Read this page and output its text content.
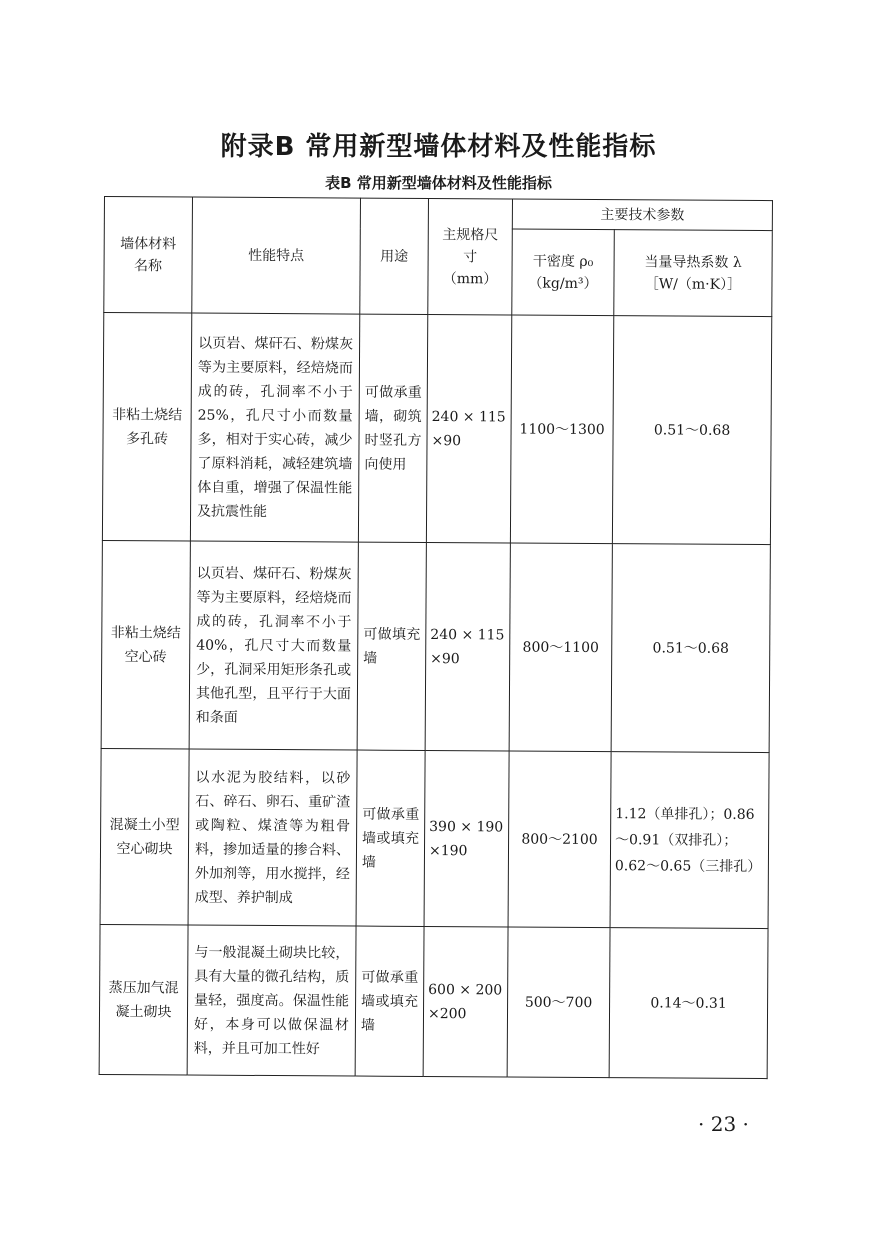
附录B 常用新型墙体材料及性能指标
表B 常用新型墙体材料及性能指标
墙体材料名称	性能特点	用途	主规格尺寸（mm）	主要技术参数	
				干密度 ρ₀（kg/m³）	当量导热系数 λ［W/（m·K）］
非粘土烧结多孔砖	以页岩、煤矸石、粉煤灰等为主要原料，经焙烧而成的砖，孔洞率不小于25%，孔尺寸小而数量多，相对于实心砖，减少了原料消耗，减轻建筑墙体自重，增强了保温性能及抗震性能	可做承重墙，砌筑时竖孔方向使用	240 × 115 ×90	1100～1300	0.51～0.68
非粘土烧结空心砖	以页岩、煤矸石、粉煤灰等为主要原料，经焙烧而成的砖，孔洞率不小于40%，孔尺寸大而数量少，孔洞采用矩形条孔或其他孔型，且平行于大面和条面	可做填充墙	240 × 115 ×90	800～1100	0.51～0.68
混凝土小型空心砌块	以水泥为胶结料，以砂石、碎石、卵石、重矿渣或陶粒、煤渣等为粗骨料，掺加适量的掺合料、外加剂等，用水搅拌，经成型、养护制成	可做承重墙或填充墙	390 × 190 ×190	800～2100	1.12（单排孔）；0.86～0.91（双排孔）；0.62～0.65（三排孔）
蒸压加气混凝土砌块	与一般混凝土砌块比较，具有大量的微孔结构，质量轻，强度高。保温性能好，本身可以做保温材料，并且可加工性好	可做承重墙或填充墙	600 × 200 ×200	500～700	0.14～0.31
· 23 ·
